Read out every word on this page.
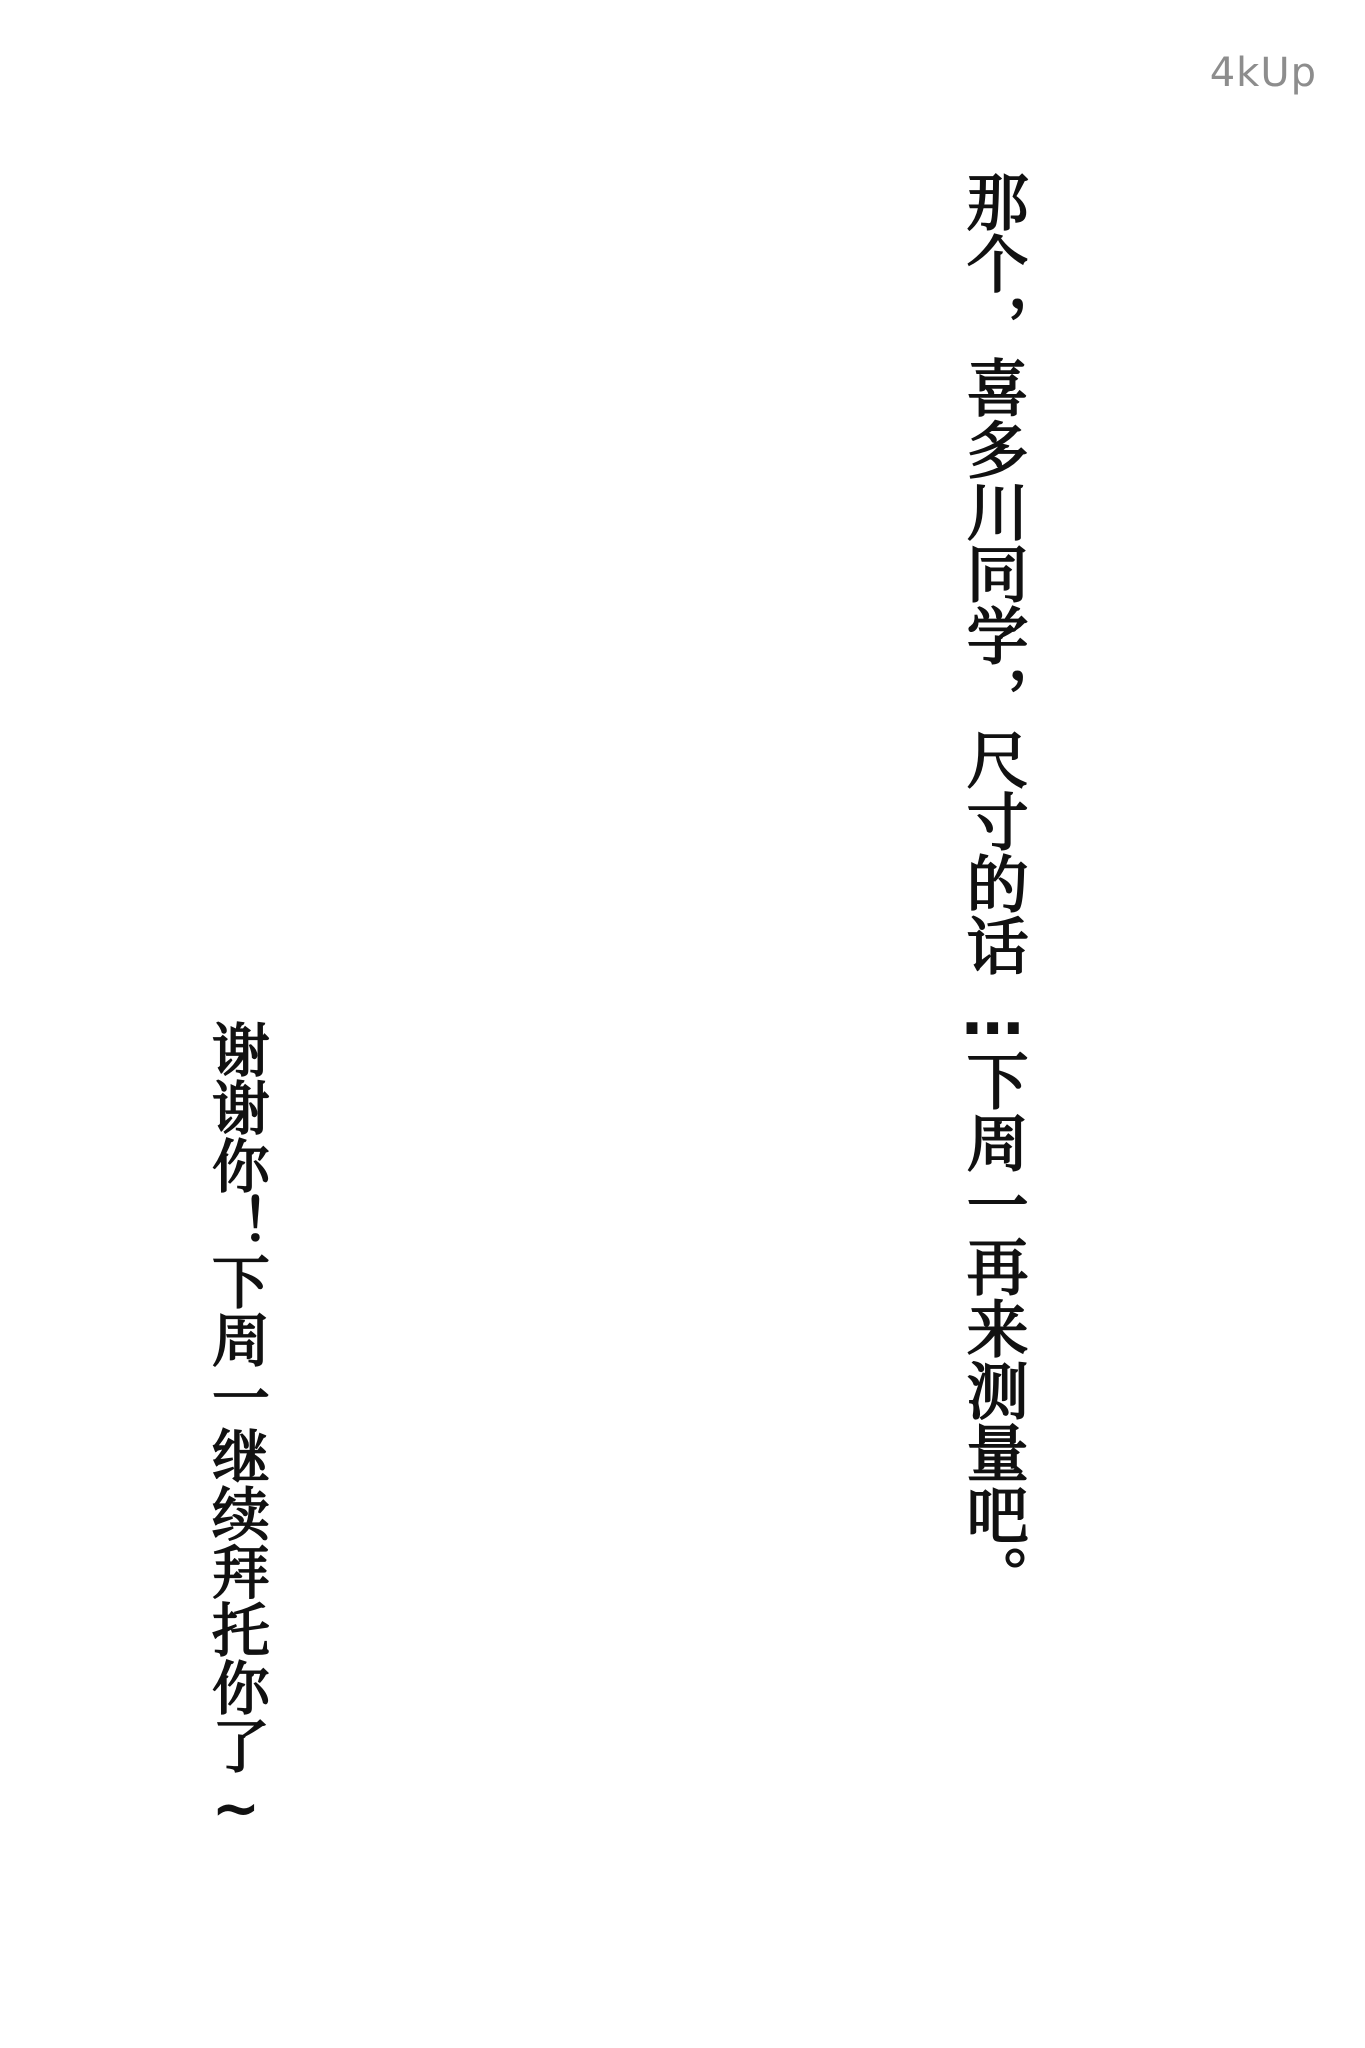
4kUp
那个，喜多川同学，尺寸的话…下周一再来测量吧。
谢谢你！下周一继续拜托你了~
